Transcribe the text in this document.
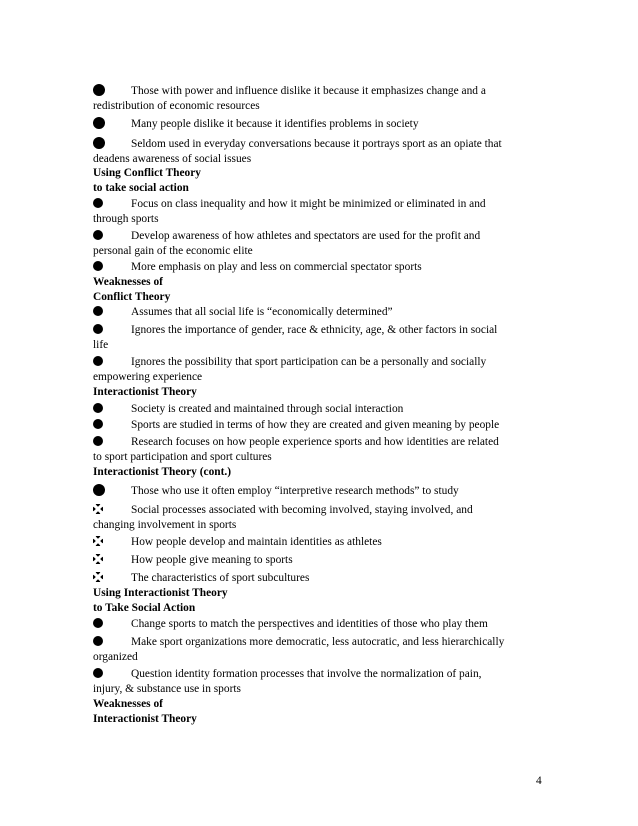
Those with power and influence dislike it because it emphasizes change and a
redistribution of economic resources
Many people dislike it because it identifies problems in society
Seldom used in everyday conversations because it portrays sport as an opiate that
deadens awareness of social issues
Using Conflict Theory
to take social action
Focus on class inequality and how it might be minimized or eliminated in and
through sports
Develop awareness of how athletes and spectators are used for the profit and
personal gain of the economic elite
More emphasis on play and less on commercial spectator sports
Weaknesses of
Conflict Theory
Assumes that all social life is “economically determined”
Ignores the importance of gender, race & ethnicity, age, & other factors in social
life
Ignores the possibility that sport participation can be a personally and socially
empowering experience
Interactionist Theory
Society is created and maintained through social interaction
Sports are studied in terms of how they are created and given meaning by people
Research focuses on how people experience sports and how identities are related
to sport participation and sport cultures
Interactionist Theory (cont.)
Those who use it often employ “interpretive research methods” to study
Social processes associated with becoming involved, staying involved, and
changing involvement in sports
How people develop and maintain identities as athletes
How people give meaning to sports
The characteristics of sport subcultures
Using Interactionist Theory
to Take Social Action
Change sports to match the perspectives and identities of those who play them
Make sport organizations more democratic, less autocratic, and less hierarchically
organized
Question identity formation processes that involve the normalization of pain,
injury, & substance use in sports
Weaknesses of
Interactionist Theory
4
